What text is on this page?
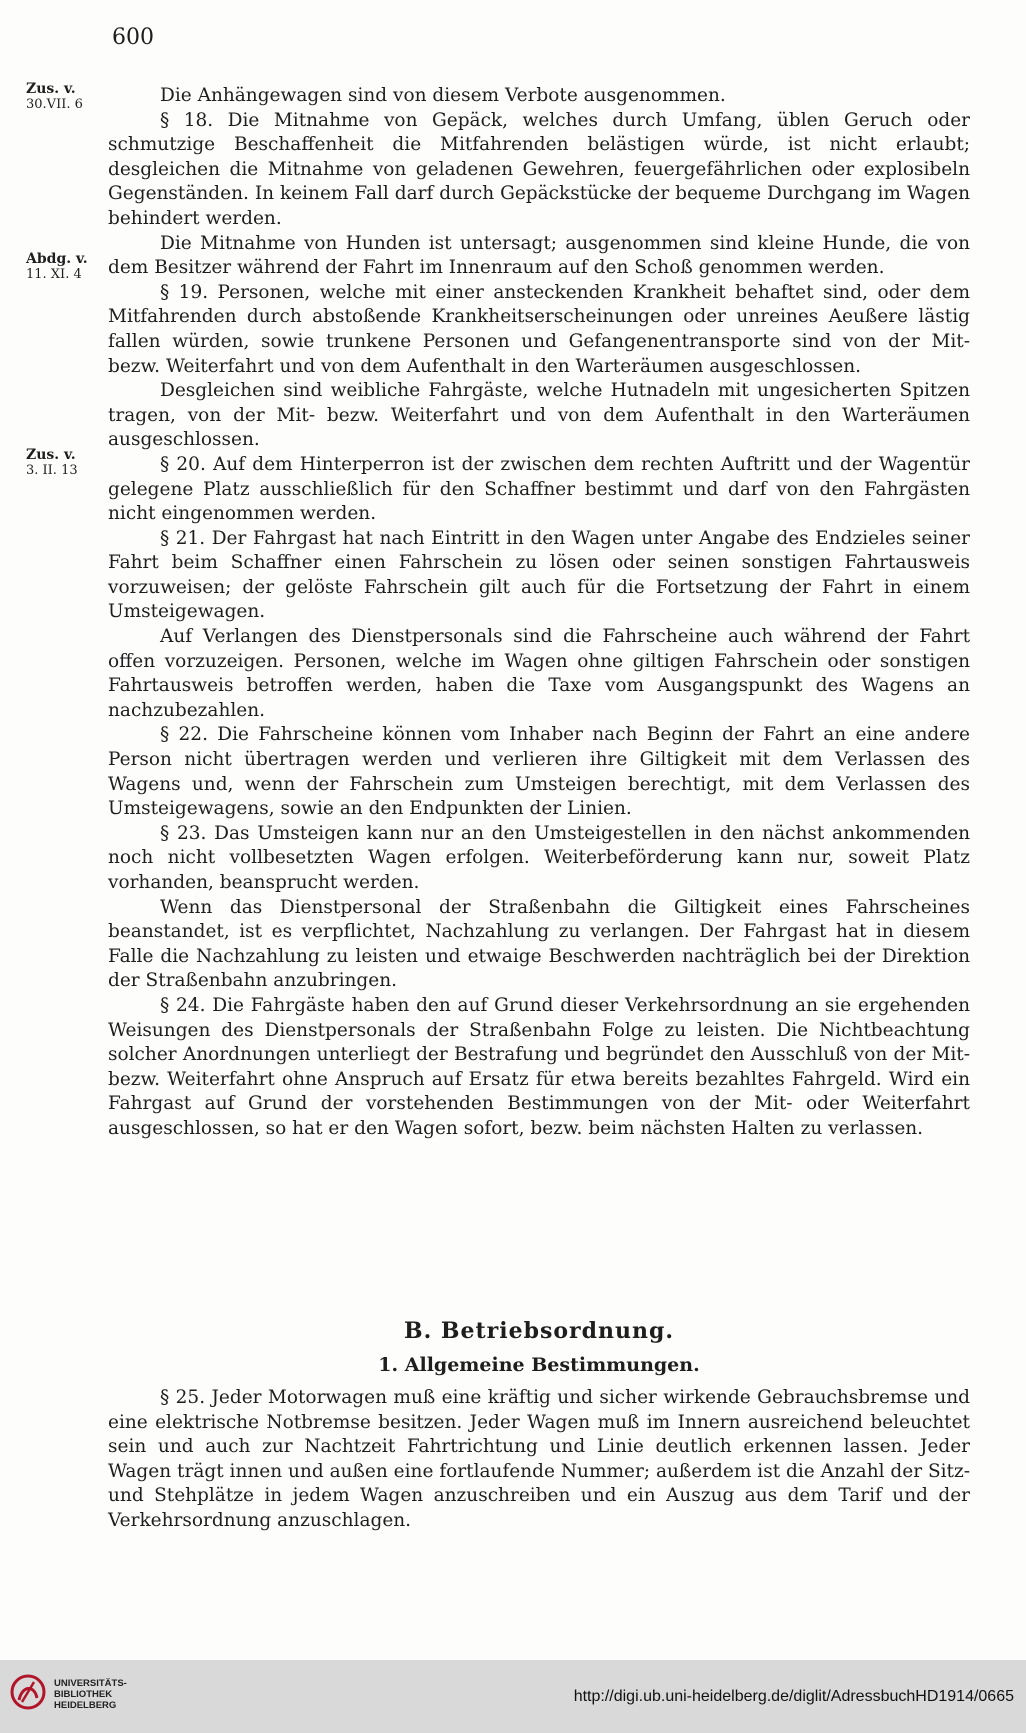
600
Zus. v.
30.VII. 6
Abdg. v.
11. XI. 4
Zus. v.
3. II. 13

Die Anhängewagen sind von diesem Verbote ausgenommen.

§ 18. Die Mitnahme von Gepäck, welches durch Umfang, üblen Geruch oder schmutzige Beschaffenheit die Mitfahrenden belästigen würde, ist nicht erlaubt; desgleichen die Mitnahme von geladenen Gewehren, feuergefährlichen oder explosibeln Gegenständen. In keinem Fall darf durch Gepäckstücke der bequeme Durchgang im Wagen behindert werden.

Die Mitnahme von Hunden ist untersagt; ausgenommen sind kleine Hunde, die von dem Besitzer während der Fahrt im Innenraum auf den Schoß genommen werden.

§ 19. Personen, welche mit einer ansteckenden Krankheit behaftet sind, oder dem Mitfahrenden durch abstoßende Krankheitserscheinungen oder unreines Aeußere lästig fallen würden, sowie trunkene Personen und Gefangenentransporte sind von der Mit- bezw. Weiterfahrt und von dem Aufenthalt in den Warteräumen ausgeschlossen.

Desgleichen sind weibliche Fahrgäste, welche Hutnadeln mit ungesicherten Spitzen tragen, von der Mit- bezw. Weiterfahrt und von dem Aufenthalt in den Warteräumen ausgeschlossen.

§ 20. Auf dem Hinterperron ist der zwischen dem rechten Auftritt und der Wagentür gelegene Platz ausschließlich für den Schaffner bestimmt und darf von den Fahrgästen nicht eingenommen werden.

§ 21. Der Fahrgast hat nach Eintritt in den Wagen unter Angabe des Endzieles seiner Fahrt beim Schaffner einen Fahrschein zu lösen oder seinen sonstigen Fahrtausweis vorzuweisen; der gelöste Fahrschein gilt auch für die Fortsetzung der Fahrt in einem Umsteigewagen.

Auf Verlangen des Dienstpersonals sind die Fahrscheine auch während der Fahrt offen vorzuzeigen. Personen, welche im Wagen ohne giltigen Fahrschein oder sonstigen Fahrtausweis betroffen werden, haben die Taxe vom Ausgangspunkt des Wagens an nachzubezahlen.

§ 22. Die Fahrscheine können vom Inhaber nach Beginn der Fahrt an eine andere Person nicht übertragen werden und verlieren ihre Giltigkeit mit dem Verlassen des Wagens und, wenn der Fahrschein zum Umsteigen berechtigt, mit dem Verlassen des Umsteigewagens, sowie an den Endpunkten der Linien.

§ 23. Das Umsteigen kann nur an den Umsteigestellen in den nächst ankommenden noch nicht vollbesetzten Wagen erfolgen. Weiterbeförderung kann nur, soweit Platz vorhanden, beansprucht werden.

Wenn das Dienstpersonal der Straßenbahn die Giltigkeit eines Fahrscheines beanstandet, ist es verpflichtet, Nachzahlung zu verlangen. Der Fahrgast hat in diesem Falle die Nachzahlung zu leisten und etwaige Beschwerden nachträglich bei der Direktion der Straßenbahn anzubringen.

§ 24. Die Fahrgäste haben den auf Grund dieser Verkehrsordnung an sie ergehenden Weisungen des Dienstpersonals der Straßenbahn Folge zu leisten. Die Nichtbeachtung solcher Anordnungen unterliegt der Bestrafung und begründet den Ausschluß von der Mit- bezw. Weiterfahrt ohne Anspruch auf Ersatz für etwa bereits bezahltes Fahrgeld. Wird ein Fahrgast auf Grund der vorstehenden Bestimmungen von der Mit- oder Weiterfahrt ausgeschlossen, so hat er den Wagen sofort, bezw. beim nächsten Halten zu verlassen.

B. Betriebsordnung.
1. Allgemeine Bestimmungen.

§ 25. Jeder Motorwagen muß eine kräftig und sicher wirkende Gebrauchsbremse und eine elektrische Notbremse besitzen. Jeder Wagen muß im Innern ausreichend beleuchtet sein und auch zur Nachtzeit Fahrtrichtung und Linie deutlich erkennen lassen. Jeder Wagen trägt innen und außen eine fortlaufende Nummer; außerdem ist die Anzahl der Sitz- und Stehplätze in jedem Wagen anzuschreiben und ein Auszug aus dem Tarif und der Verkehrsordnung anzuschlagen.

UNIVERSITÄTS-
BIBLIOTHEK
HEIDELBERG
http://digi.ub.uni-heidelberg.de/diglit/AdressbuchHD1914/0665
